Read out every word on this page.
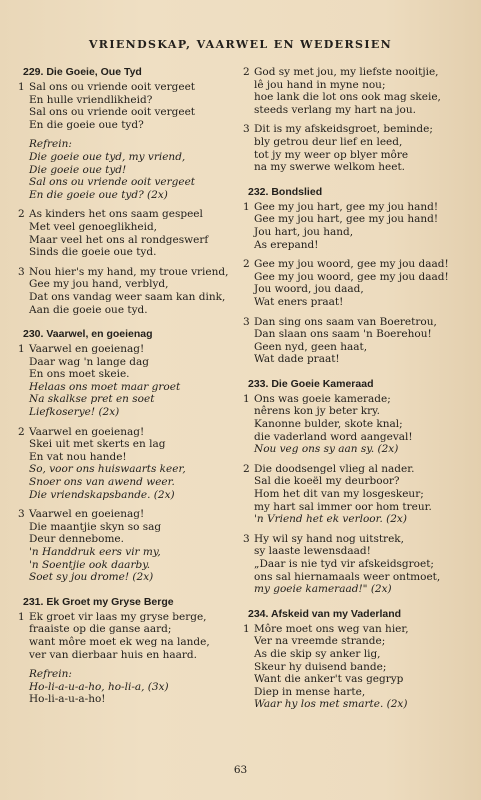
VRIENDSKAP, VAARWEL EN WEDERSIEN
229. Die Goeie, Oue Tyd
1 Sal ons ou vriende ooit vergeet
En hulle vriendlikheid?
Sal ons ou vriende ooit vergeet
En die goeie oue tyd?
Refrein:
Die goeie oue tyd, my vriend,
Die goeie oue tyd!
Sal ons ou vriende ooit vergeet
En die goeie oue tyd? (2x)
2 As kinders het ons saam gespeel
Met veel genoeglikheid,
Maar veel het ons al rondgeswerf
Sinds die goeie oue tyd.
3 Nou hier's my hand, my troue vriend,
Gee my jou hand, verblyd,
Dat ons vandag weer saam kan dink,
Aan die goeie oue tyd.
230. Vaarwel, en goeienag
1 Vaarwel en goeienag!
Daar wag 'n lange dag
En ons moet skeie.
Helaas ons moet maar groet
Na skalkse pret en soet
Liefkoserye! (2x)
2 Vaarwel en goeienag!
Skei uit met skerts en lag
En vat nou hande!
So, voor ons huiswaarts keer,
Snoer ons van awend weer.
Die vriendskapsbande. (2x)
3 Vaarwel en goeienag!
Die maantjie skyn so sag
Deur dennebome.
'n Handdruk eers vir my,
'n Soentjie ook daarby.
Soet sy jou drome! (2x)
231. Ek Groet my Gryse Berge
1 Ek groet vir laas my gryse berge,
fraaiste op die ganse aard;
want môre moet ek weg na lande,
ver van dierbaar huis en haard.
Refrein:
Ho-li-a-u-a-ho, ho-li-a, (3x)
Ho-li-a-u-a-ho!
2 God sy met jou, my liefste nooitjie,
lê jou hand in myne nou;
hoe lank die lot ons ook mag skeie,
steeds verlang my hart na jou.
3 Dit is my afskeidsgroet, beminde;
bly getrou deur lief en leed,
tot jy my weer op blyer môre
na my swerwe welkom heet.
232. Bondslied
1 Gee my jou hart, gee my jou hand!
Gee my jou hart, gee my jou hand!
Jou hart, jou hand,
As erepand!
2 Gee my jou woord, gee my jou daad!
Gee my jou woord, gee my jou daad!
Jou woord, jou daad,
Wat eners praat!
3 Dan sing ons saam van Boeretrou,
Dan slaan ons saam 'n Boerehou!
Geen nyd, geen haat,
Wat dade praat!
233. Die Goeie Kameraad
1 Ons was goeie kamerade;
nêrens kon jy beter kry.
Kanonne bulder, skote knal;
die vaderland word aangeval!
Nou veg ons sy aan sy. (2x)
2 Die doodsengel vlieg al nader.
Sal die koeël my deurboor?
Hom het dit van my losgeskeur;
my hart sal immer oor hom treur.
'n Vriend het ek verloor. (2x)
3 Hy wil sy hand nog uitstrek,
sy laaste lewensdaad!
„Daar is nie tyd vir afskeidsgroet;
ons sal hiernamaals weer ontmoet,
my goeie kameraad!" (2x)
234. Afskeid van my Vaderland
1 Môre moet ons weg van hier,
Ver na vreemde strande;
As die skip sy anker lig,
Skeur hy duisend bande;
Want die anker't vas gegryp
Diep in mense harte,
Waar hy los met smarte. (2x)
63
